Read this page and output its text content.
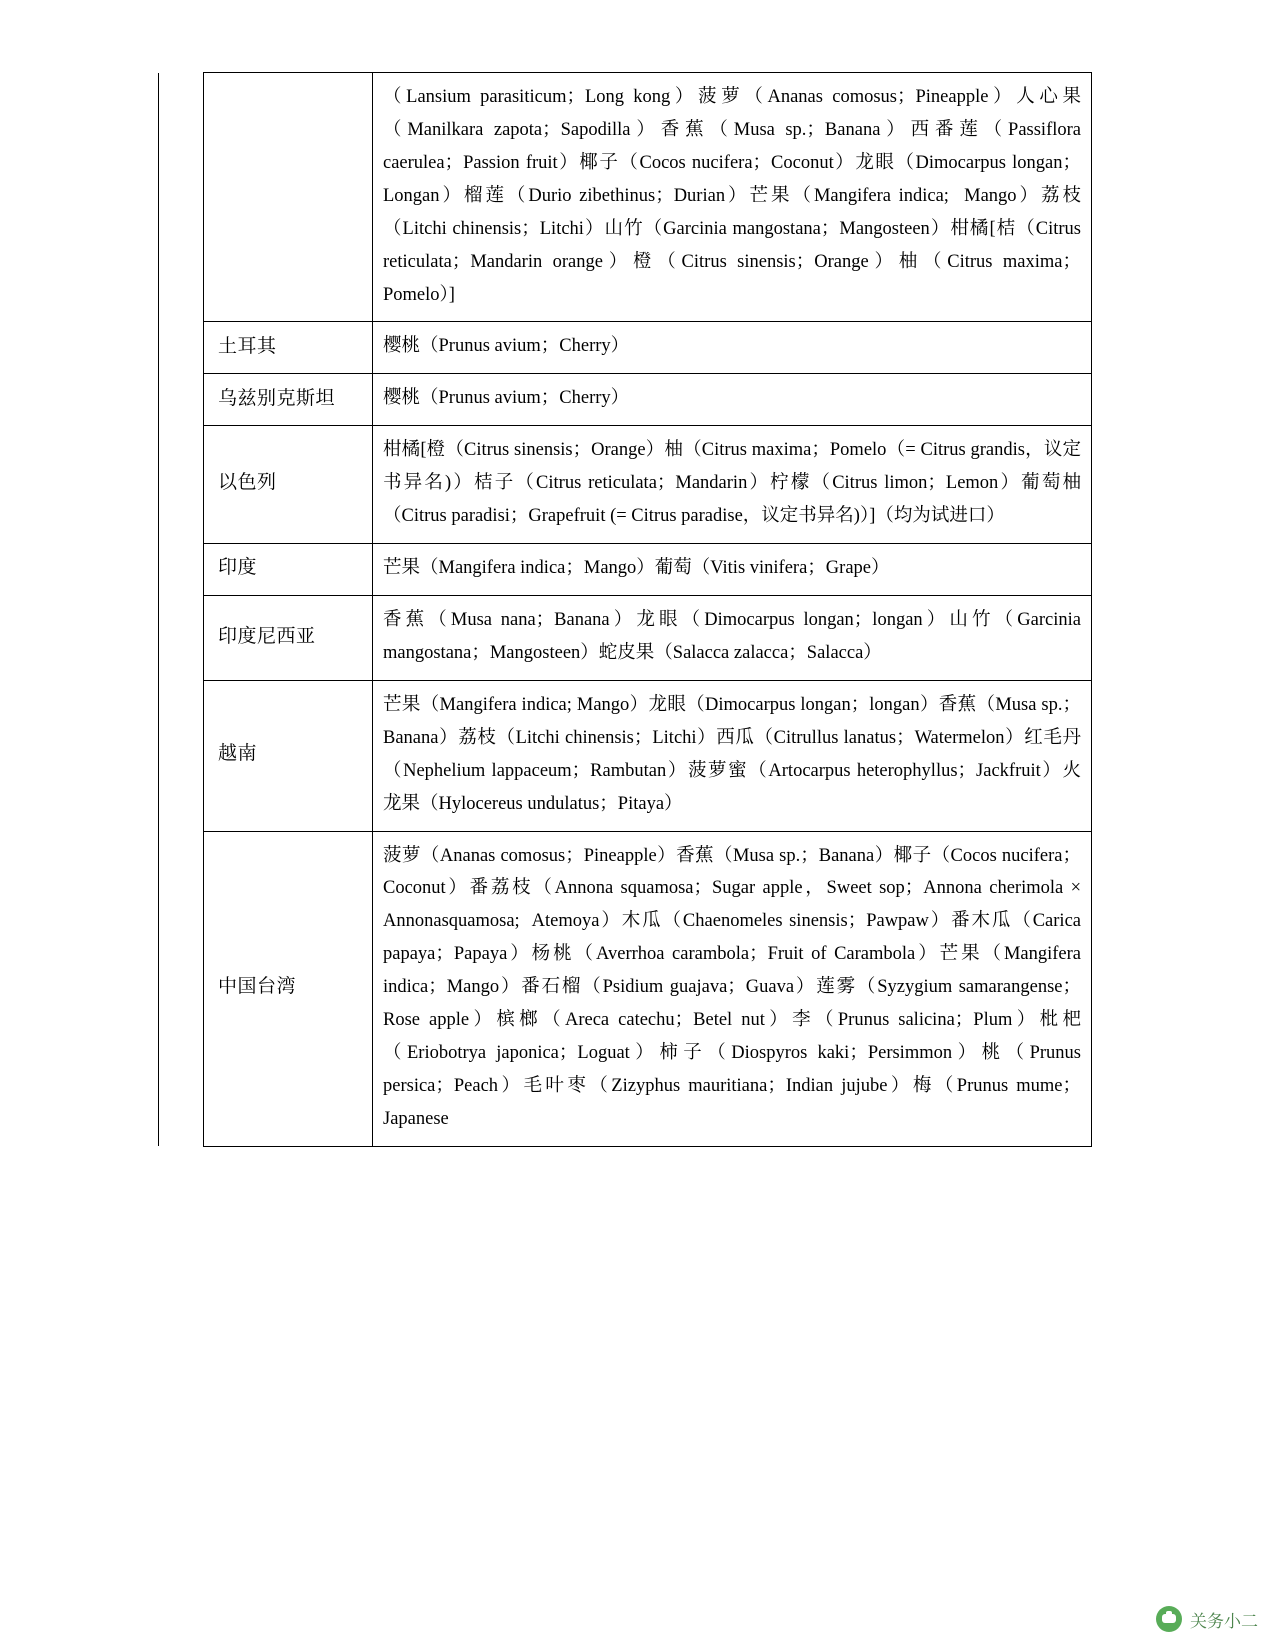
		（Lansium parasiticum；Long kong）菠萝（Ananas comosus；Pineapple）人心果（Manilkara zapota；Sapodilla）香蕉（Musa sp.；Banana）西番莲（Passiflora caerulea；Passion fruit）椰子（Cocos nucifera；Coconut）龙眼（Dimocarpus longan；Longan）榴莲（Durio zibethinus；Durian）芒果（Mangifera indica;  Mango）荔枝（Litchi chinensis；Litchi）山竹（Garcinia mangostana；Mangosteen）柑橘[桔（Citrus reticulata；Mandarin orange）橙（Citrus sinensis；Orange）柚（Citrus maxima；Pomelo）]

	土耳其	樱桃（Prunus avium；Cherry）

	乌兹别克斯坦	樱桃（Prunus avium；Cherry）

	以色列	柑橘[橙（Citrus sinensis；Orange）柚（Citrus maxima；Pomelo（= Citrus grandis，议定书异名)）桔子（Citrus reticulata；Mandarin）柠檬（Citrus limon；Lemon）葡萄柚（Citrus paradisi；Grapefruit (= Citrus paradise，议定书异名)）]（均为试进口）

	印度	芒果（Mangifera indica；Mango）葡萄（Vitis vinifera；Grape）

	印度尼西亚	香蕉（Musa nana；Banana）龙眼（Dimocarpus longan；longan）山竹（Garcinia mangostana；Mangosteen）蛇皮果（Salacca zalacca；Salacca）

	越南	芒果（Mangifera indica; Mango）龙眼（Dimocarpus longan；longan）香蕉（Musa sp.；Banana）荔枝（Litchi chinensis；Litchi）西瓜（Citrullus lanatus；Watermelon）红毛丹（Nephelium lappaceum；Rambutan）菠萝蜜（Artocarpus heterophyllus；Jackfruit）火龙果（Hylocereus undulatus；Pitaya）

	中国台湾	菠萝（Ananas comosus；Pineapple）香蕉（Musa sp.；Banana）椰子（Cocos nucifera；Coconut）番荔枝（Annona squamosa；Sugar apple，Sweet sop；Annona cherimola × Annonasquamosa;  Atemoya）木瓜（Chaenomeles sinensis；Pawpaw）番木瓜（Carica papaya；Papaya）杨桃（Averrhoa carambola；Fruit of Carambola）芒果（Mangifera indica；Mango）番石榴（Psidium guajava；Guava）莲雾（Syzygium samarangense；Rose apple）槟榔（Areca catechu；Betel nut）李（Prunus salicina；Plum）枇杷（Eriobotrya japonica；Loguat）柿子（Diospyros kaki；Persimmon）桃（Prunus persica；Peach）毛叶枣（Zizyphus mauritiana；Indian jujube）梅（Prunus mume；Japanese
关务小二
